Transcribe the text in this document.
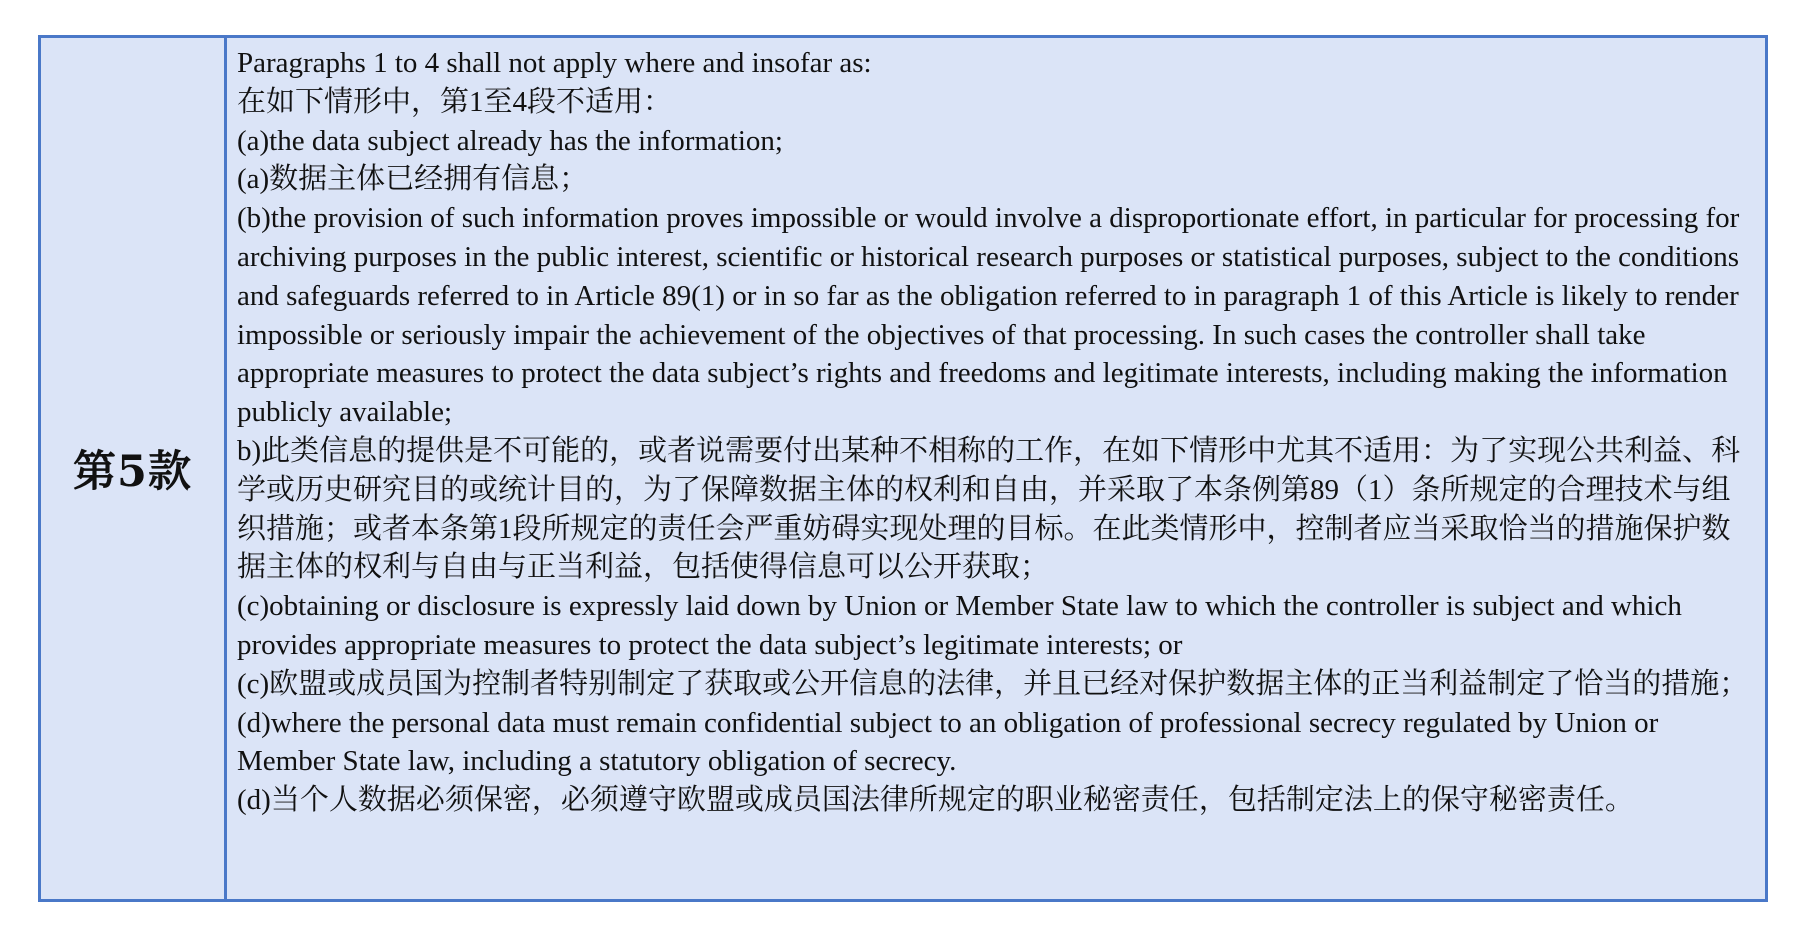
第5款

Paragraphs 1 to 4 shall not apply where and insofar as:

在如下情形中，第1至4段不适用：

(a)the data subject already has the information;

(a)数据主体已经拥有信息；

(b)the provision of such information proves impossible or would involve a disproportionate effort, in particular for processing for archiving purposes in the public interest, scientific or historical research purposes or statistical purposes, subject to the conditions and safeguards referred to in Article 89(1) or in so far as the obligation referred to in paragraph 1 of this Article is likely to render impossible or seriously impair the achievement of the objectives of that processing. In such cases the controller shall take appropriate measures to protect the data subject’s rights and freedoms and legitimate interests, including making the information publicly available;

b)此类信息的提供是不可能的，或者说需要付出某种不相称的工作，在如下情形中尤其不适用：为了实现公共利益、科学或历史研究目的或统计目的，为了保障数据主体的权利和自由，并采取了本条例第89（1）条所规定的合理技术与组织措施；或者本条第1段所规定的责任会严重妨碍实现处理的目标。在此类情形中，控制者应当采取恰当的措施保护数据主体的权利与自由与正当利益，包括使得信息可以公开获取；

(c)obtaining or disclosure is expressly laid down by Union or Member State law to which the controller is subject and which provides appropriate measures to protect the data subject’s legitimate interests; or

(c)欧盟或成员国为控制者特别制定了获取或公开信息的法律，并且已经对保护数据主体的正当利益制定了恰当的措施；

(d)where the personal data must remain confidential subject to an obligation of professional secrecy regulated by Union or Member State law, including a statutory obligation of secrecy.

(d)当个人数据必须保密，必须遵守欧盟或成员国法律所规定的职业秘密责任，包括制定法上的保守秘密责任。
